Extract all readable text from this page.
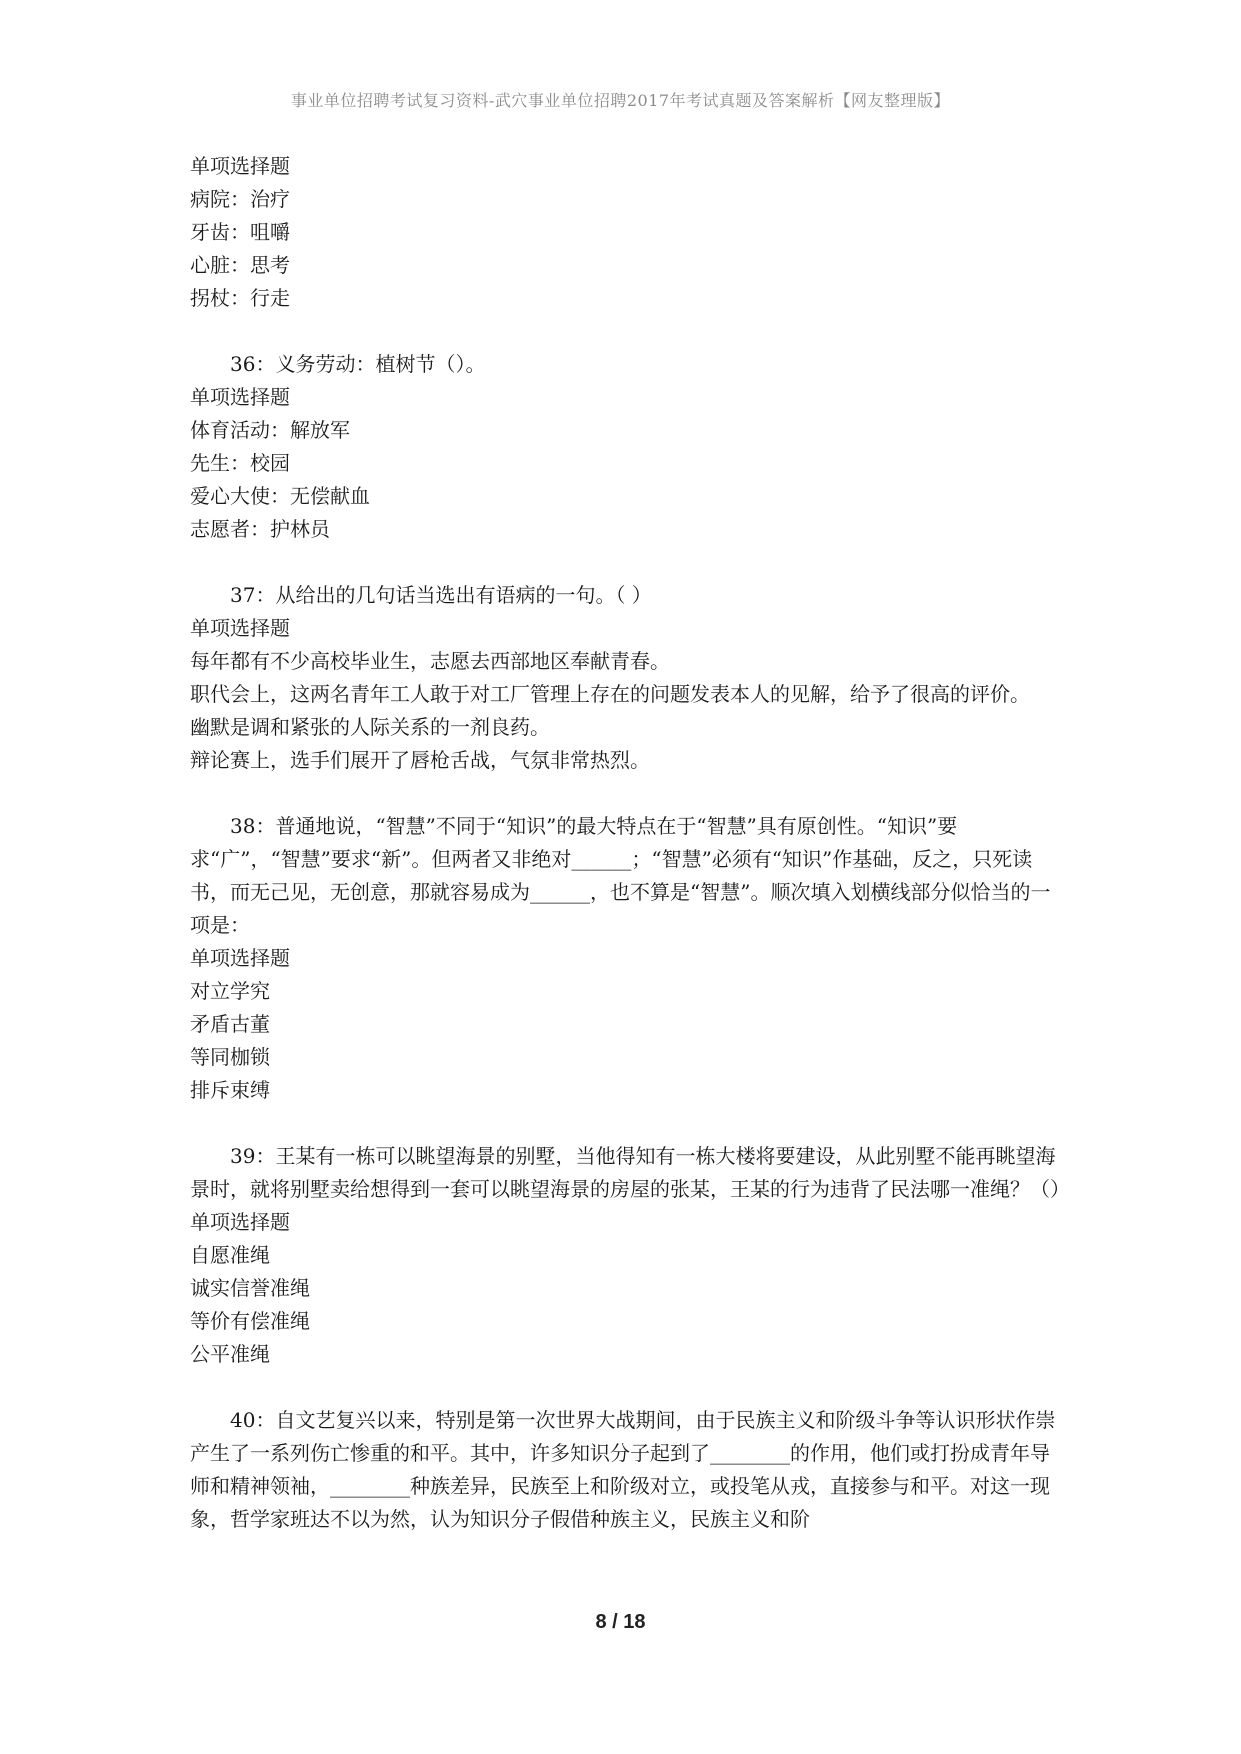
事业单位招聘考试复习资料-武穴事业单位招聘2017年考试真题及答案解析【网友整理版】

单项选择题

病院：治疗

牙齿：咀嚼

心脏：思考

拐杖：行走

36：义务劳动：植树节（）。

单项选择题

体育活动：解放军

先生：校园

爱心大使：无偿献血

志愿者：护林员

37：从给出的几句话当选出有语病的一句。（ ）

单项选择题

每年都有不少高校毕业生，志愿去西部地区奉献青春。

职代会上，这两名青年工人敢于对工厂管理上存在的问题发表本人的见解，给予了很高的评价。

幽默是调和紧张的人际关系的一剂良药。

辩论赛上，选手们展开了唇枪舌战，气氛非常热烈。

38：普通地说，“智慧”不同于“知识”的最大特点在于“智慧”具有原创性。“知识”要求“广”，“智慧”要求“新”。但两者又非绝对______；“智慧”必须有“知识”作基础，反之，只死读书，而无己见，无创意，那就容易成为______，也不算是“智慧”。顺次填入划横线部分似恰当的一项是：

单项选择题

对立学究

矛盾古董

等同枷锁

排斥束缚

39：王某有一栋可以眺望海景的别墅，当他得知有一栋大楼将要建设，从此别墅不能再眺望海景时，就将别墅卖给想得到一套可以眺望海景的房屋的张某，王某的行为违背了民法哪一准绳？（）

单项选择题

自愿准绳

诚实信誉准绳

等价有偿准绳

公平准绳

40：自文艺复兴以来，特别是第一次世界大战期间，由于民族主义和阶级斗争等认识形状作崇产生了一系列伤亡惨重的和平。其中，许多知识分子起到了________的作用，他们或打扮成青年导师和精神领袖，________种族差异，民族至上和阶级对立，或投笔从戎，直接参与和平。对这一现象，哲学家班达不以为然，认为知识分子假借种族主义，民族主义和阶

8 / 18
